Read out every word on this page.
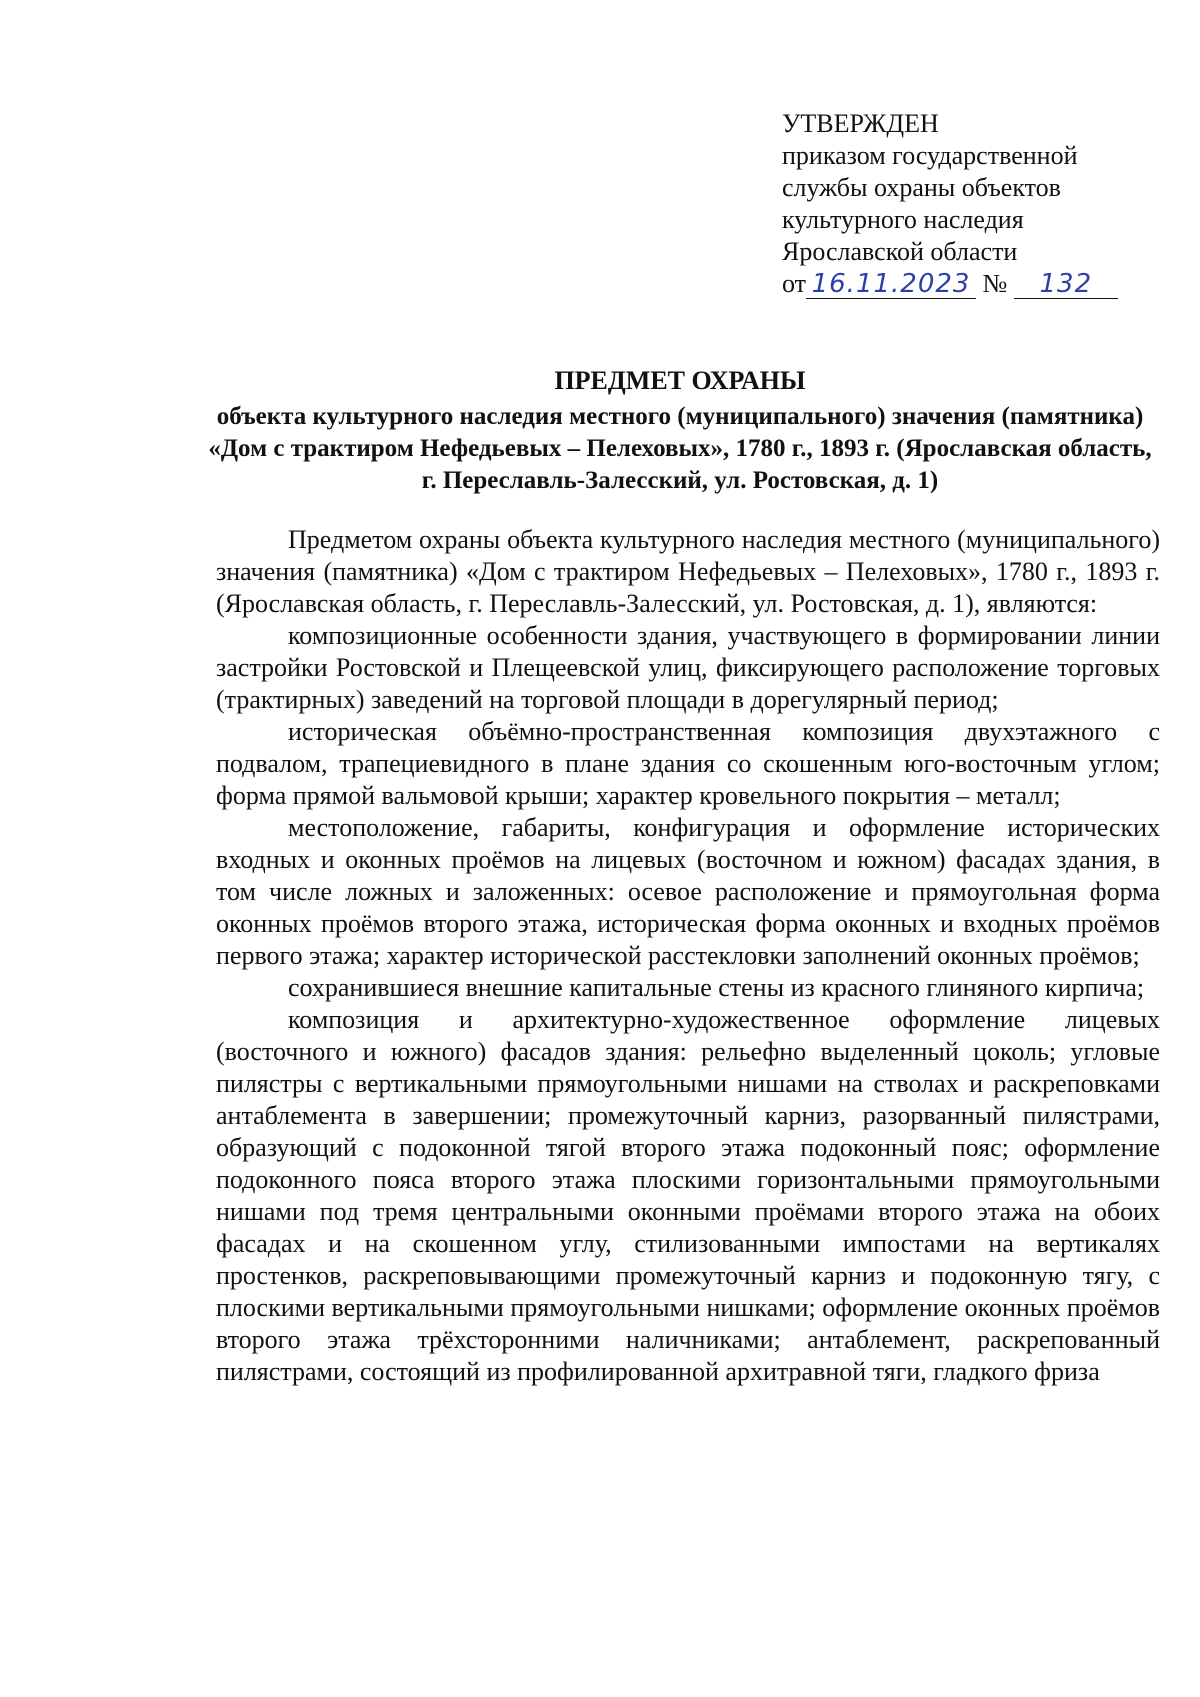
УТВЕРЖДЕН
приказом государственной
службы охраны объектов
культурного наследия
Ярославской области
от 16.11.2023 № 132
ПРЕДМЕТ ОХРАНЫ
объекта культурного наследия местного (муниципального) значения (памятника) «Дом с трактиром Нефедьевых – Пелеховых», 1780 г., 1893 г. (Ярославская область, г. Переславль-Залесский, ул. Ростовская, д. 1)

Предметом охраны объекта культурного наследия местного (муниципального) значения (памятника) «Дом с трактиром Нефедьевых – Пелеховых», 1780 г., 1893 г. (Ярославская область, г. Переславль-Залесский, ул. Ростовская, д. 1), являются:

композиционные особенности здания, участвующего в формировании линии застройки Ростовской и Плещеевской улиц, фиксирующего расположение торговых (трактирных) заведений на торговой площади в дорегулярный период;

историческая объёмно-пространственная композиция двухэтажного с подвалом, трапециевидного в плане здания со скошенным юго-восточным углом; форма прямой вальмовой крыши; характер кровельного покрытия – металл;

местоположение, габариты, конфигурация и оформление исторических входных и оконных проёмов на лицевых (восточном и южном) фасадах здания, в том числе ложных и заложенных: осевое расположение и прямоугольная форма оконных проёмов второго этажа, историческая форма оконных и входных проёмов первого этажа; характер исторической расстекловки заполнений оконных проёмов;

сохранившиеся внешние капитальные стены из красного глиняного кирпича;

композиция и архитектурно-художественное оформление лицевых (восточного и южного) фасадов здания: рельефно выделенный цоколь; угловые пилястры с вертикальными прямоугольными нишами на стволах и раскреповками антаблемента в завершении; промежуточный карниз, разорванный пилястрами, образующий с подоконной тягой второго этажа подоконный пояс; оформление подоконного пояса второго этажа плоскими горизонтальными прямоугольными нишами под тремя центральными оконными проёмами второго этажа на обоих фасадах и на скошенном углу, стилизованными импостами на вертикалях простенков, раскреповывающими промежуточный карниз и подоконную тягу, с плоскими вертикальными прямоугольными нишками; оформление оконных проёмов второго этажа трёхсторонними наличниками; антаблемент, раскрепованный пилястрами, состоящий из профилированной архитравной тяги, гладкого фриза
